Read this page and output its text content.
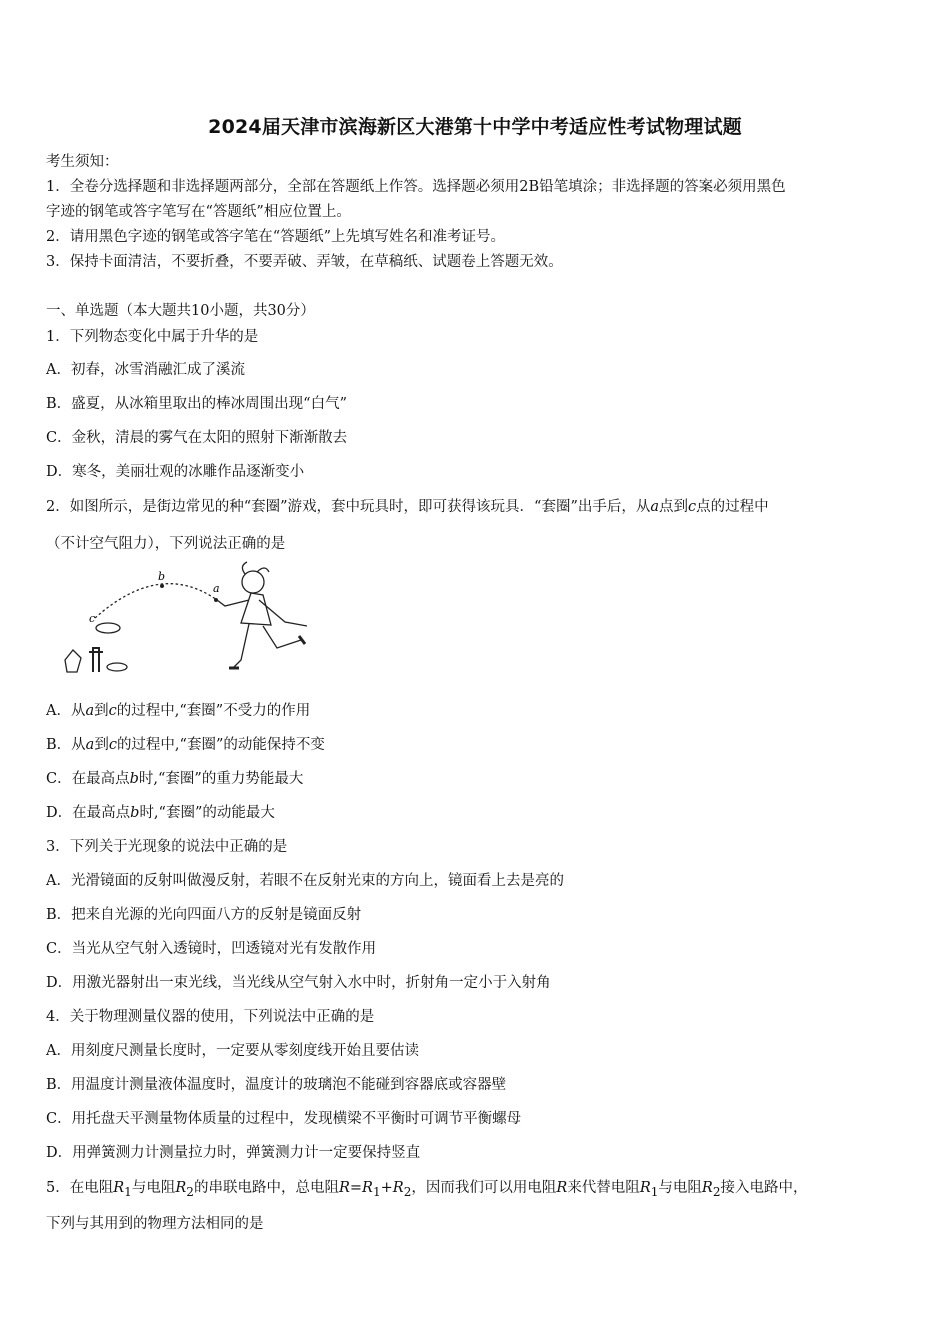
2024届天津市滨海新区大港第十中学中考适应性考试物理试题
考生须知：
1．全卷分选择题和非选择题两部分，全部在答题纸上作答。选择题必须用2B铅笔填涂；非选择题的答案必须用黑色
字迹的钢笔或答字笔写在“答题纸”相应位置上。
2．请用黑色字迹的钢笔或答字笔在“答题纸”上先填写姓名和准考证号。
3．保持卡面清洁，不要折叠，不要弄破、弄皱，在草稿纸、试题卷上答题无效。
一、单选题（本大题共10小题，共30分）
1．下列物态变化中属于升华的是
A．初春，冰雪消融汇成了溪流
B．盛夏，从冰箱里取出的棒冰周围出现“白气”
C．金秋，清晨的雾气在太阳的照射下渐渐散去
D．寒冬，美丽壮观的冰雕作品逐渐变小
2．如图所示，是街边常见的种“套圈”游戏，套中玩具时，即可获得该玩具．“套圈”出手后，从a点到c点的过程中
（不计空气阻力），下列说法正确的是
b
a
c
A．从a到c的过程中,“套圈”不受力的作用
B．从a到c的过程中,“套圈”的动能保持不变
C．在最高点b时,“套圈”的重力势能最大
D．在最高点b时,“套圈”的动能最大
3．下列关于光现象的说法中正确的是
A．光滑镜面的反射叫做漫反射，若眼不在反射光束的方向上，镜面看上去是亮的
B．把来自光源的光向四面八方的反射是镜面反射
C．当光从空气射入透镜时，凹透镜对光有发散作用
D．用激光器射出一束光线，当光线从空气射入水中时，折射角一定小于入射角
4．关于物理测量仪器的使用，下列说法中正确的是
A．用刻度尺测量长度时，一定要从零刻度线开始且要估读
B．用温度计测量液体温度时，温度计的玻璃泡不能碰到容器底或容器壁
C．用托盘天平测量物体质量的过程中，发现横梁不平衡时可调节平衡螺母
D．用弹簧测力计测量拉力时，弹簧测力计一定要保持竖直
5．在电阻$R_1$与电阻$R_2$的串联电路中，总电阻$R=R_1+R_2$，因而我们可以用电阻R来代替电阻$R_1$与电阻$R_2$接入电路中，
下列与其用到的物理方法相同的是
